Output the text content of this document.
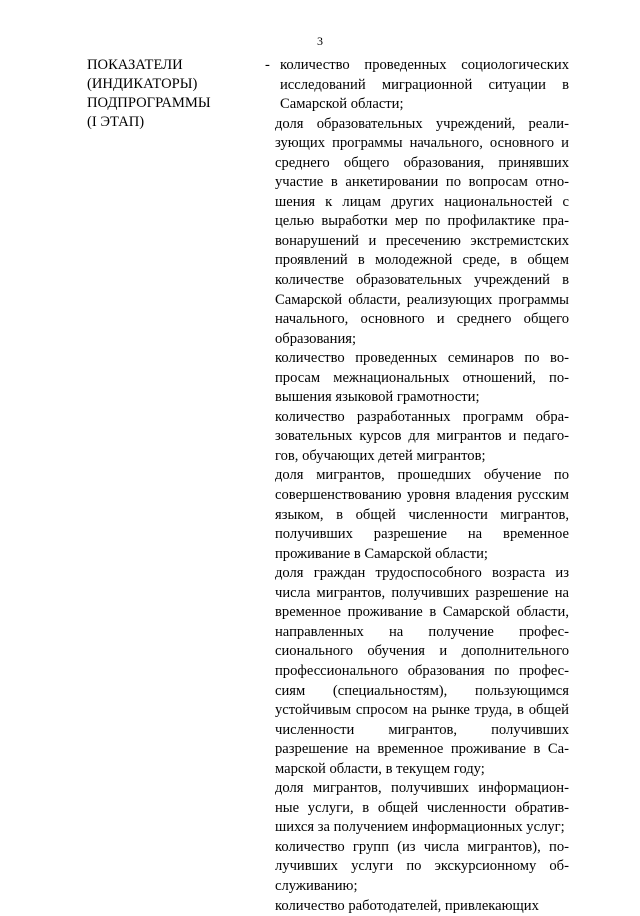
3
ПОКАЗАТЕЛИ
(ИНДИКАТОРЫ)
ПОДПРОГРАММЫ
(I ЭТАП)

- количество проведенных социологических исследований миграционной ситуации в Самарской области;

доля образовательных учреждений, реализующих программы начального, основного и среднего общего образования, принявших участие в анкетировании по вопросам отношения к лицам других национальностей с целью выработки мер по профилактике правонарушений и пресечению экстремистских проявлений в молодежной среде, в общем количестве образовательных учреждений в Самарской области, реализующих программы начального, основного и среднего общего образования;

количество проведенных семинаров по вопросам межнациональных отношений, повышения языковой грамотности;

количество разработанных программ образовательных курсов для мигрантов и педагогов, обучающих детей мигрантов;

доля мигрантов, прошедших обучение по совершенствованию уровня владения русским языком, в общей численности мигрантов, получивших разрешение на временное проживание в Самарской области;

доля граждан трудоспособного возраста из числа мигрантов, получивших разрешение на временное проживание в Самарской области, направленных на получение профессионального обучения и дополнительного профессионального образования по профессиям (специальностям), пользующимся устойчивым спросом на рынке труда, в общей численности мигрантов, получивших разрешение на временное проживание в Самарской области, в текущем году;

доля мигрантов, получивших информационные услуги, в общей численности обратившихся за получением информационных услуг;

количество групп (из числа мигрантов), получивших услуги по экскурсионному обслуживанию;

количество работодателей, привлекающих
